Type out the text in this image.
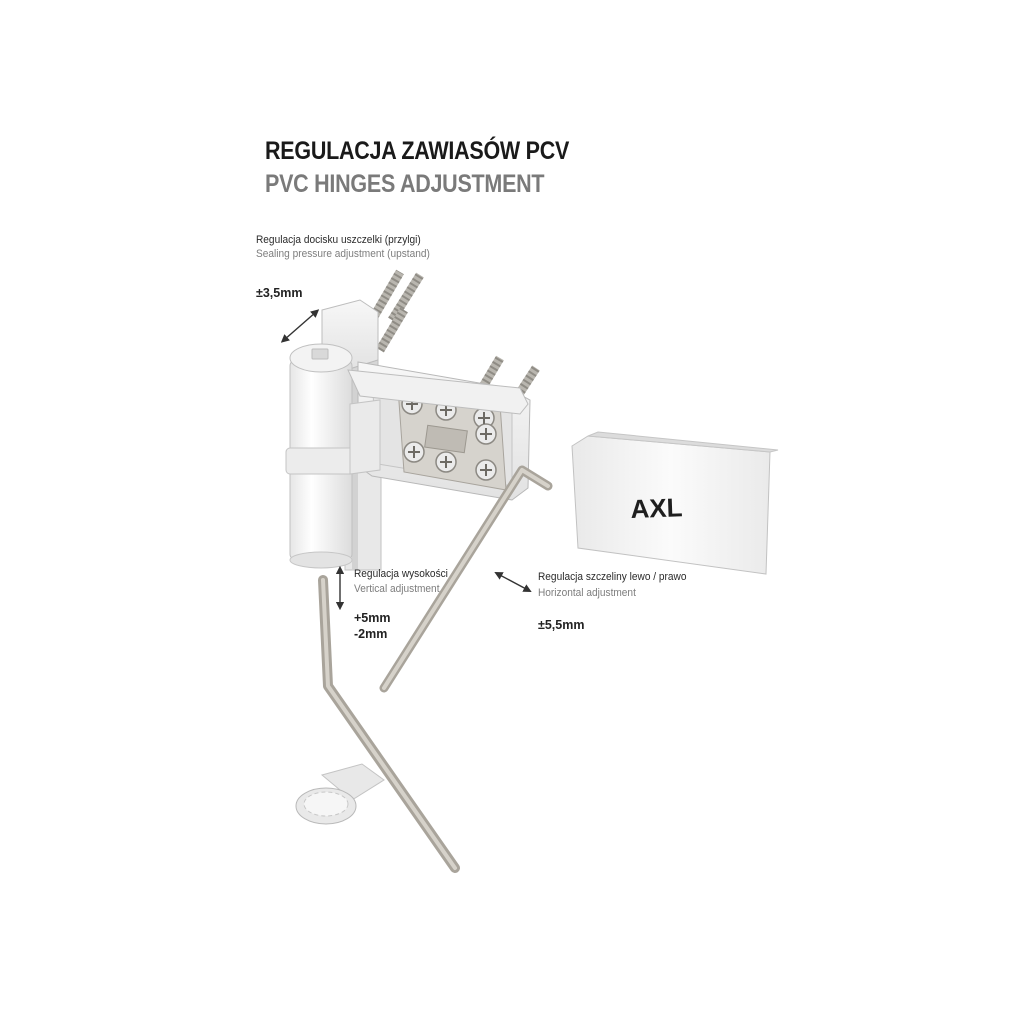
REGULACJA ZAWIASÓW PCV
PVC HINGES ADJUSTMENT
Regulacja docisku uszczelki (przylgi)
Sealing pressure adjustment (upstand)
±3,5mm
Regulacja wysokości
Vertical adjustment
+5mm
-2mm
Regulacja szczeliny lewo / prawo
Horizontal adjustment
±5,5mm
AXL
